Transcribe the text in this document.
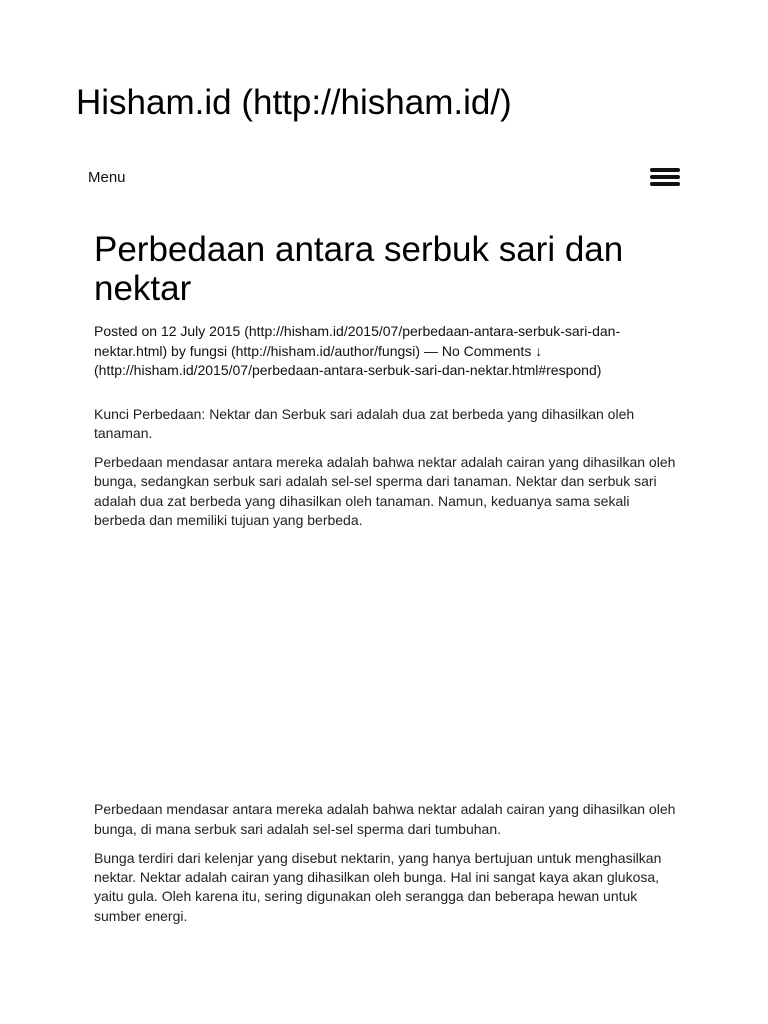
Hisham.id (http://hisham.id/)
Menu
Perbedaan antara serbuk sari dan nektar

Posted on 12 July 2015 (http://hisham.id/2015/07/perbedaan-antara-serbuk-sari-dan-nektar.html) by fungsi (http://hisham.id/author/fungsi) — No Comments ↓ (http://hisham.id/2015/07/perbedaan-antara-serbuk-sari-dan-nektar.html#respond)

Kunci Perbedaan: Nektar dan Serbuk sari adalah dua zat berbeda yang dihasilkan oleh tanaman.

Perbedaan mendasar antara mereka adalah bahwa nektar adalah cairan yang dihasilkan oleh bunga, sedangkan serbuk sari adalah sel-sel sperma dari tanaman. Nektar dan serbuk sari adalah dua zat berbeda yang dihasilkan oleh tanaman. Namun, keduanya sama sekali berbeda dan memiliki tujuan yang berbeda.

Perbedaan mendasar antara mereka adalah bahwa nektar adalah cairan yang dihasilkan oleh bunga, di mana serbuk sari adalah sel-sel sperma dari tumbuhan.

Bunga terdiri dari kelenjar yang disebut nektarin, yang hanya bertujuan untuk menghasilkan nektar. Nektar adalah cairan yang dihasilkan oleh bunga. Hal ini sangat kaya akan glukosa, yaitu gula. Oleh karena itu, sering digunakan oleh serangga dan beberapa hewan untuk sumber energi.
